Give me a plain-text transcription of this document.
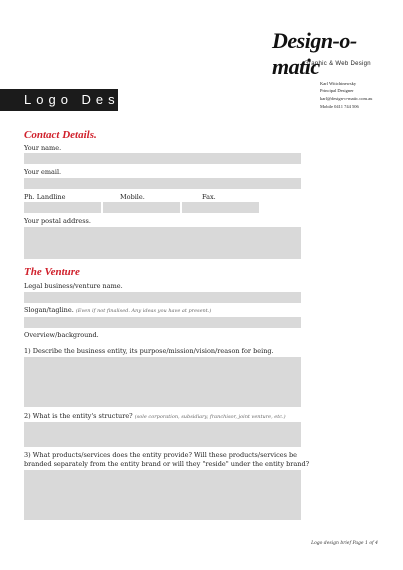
Design-o-matic
Graphic & Web Design
Karl Wittchinewsky
Principal Designer
karl@design-o-matic.com.au
Mobile 0411 744 506
Logo Design Brief
Contact Details.
Your name.
Your email.
Ph. Landline	Mobile.	Fax.
Your postal address.
The Venture
Legal business/venture name.
Slogan/tagline. (Even if not finalised. Any ideas you have at present.)
Overview/background.
1) Describe the business entity, its purpose/mission/vision/reason for being.
2) What is the entity's structure? (sole corporation, subsidiary, franchisor, joint venture, etc.)
3) What products/services does the entity provide? Will these products/services be
branded separately from the entity brand or will they "reside" under the entity brand?
Logo design brief Page 1 of 4
